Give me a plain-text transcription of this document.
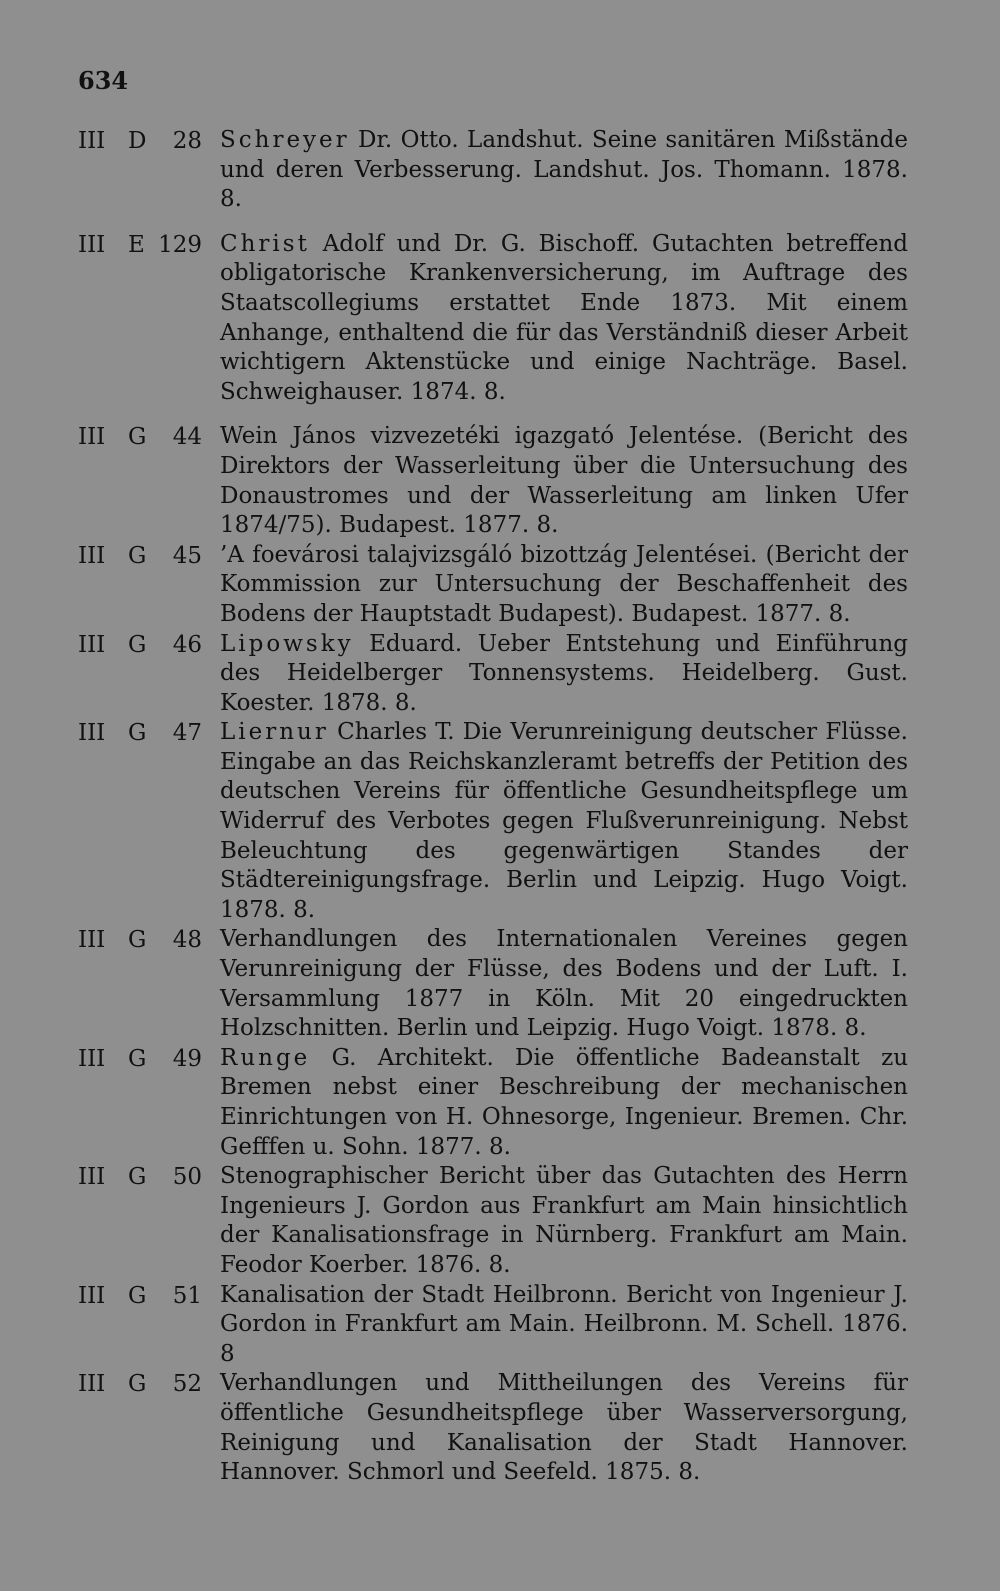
634
III D	28 Schreyer Dr. Otto. Landshut. Seine sanitären Mißstände und deren Verbesserung. Landshut. Jos. Thomann. 1878. 8.
III E 129 Christ Adolf und Dr. G. Bischoff. Gutachten betreffend obligatorische Krankenversicherung, im Auftrage des Staatscollegiums erstattet Ende 1873. Mit einem Anhange, enthaltend die für das Verständniß dieser Arbeit wichtigern Aktenstücke und einige Nachträge. Basel. Schweighauser. 1874. 8.
III G	44 Wein János vizvezetéki igazgató Jelentése. (Bericht des Direktors der Wasserleitung über die Untersuchung des Donaustromes und der Wasserleitung am linken Ufer 1874/75). Budapest. 1877. 8.
III G	45 ’A foevárosi talajvizsgáló bizottzág Jelentései. (Bericht der Kommission zur Untersuchung der Beschaffenheit des Bodens der Hauptstadt Budapest). Budapest. 1877. 8.
III G	46 Lipowsky Eduard. Ueber Entstehung und Einführung des Heidelberger Tonnensystems. Heidelberg. Gust. Koester. 1878. 8.
III G	47 Liernur Charles T. Die Verunreinigung deutscher Flüsse. Eingabe an das Reichskanzleramt betreffs der Petition des deutschen Vereins für öffentliche Gesundheitspflege um Widerruf des Verbotes gegen Flußverunreinigung. Nebst Beleuchtung des gegenwärtigen Standes der Städtereinigungsfrage. Berlin und Leipzig. Hugo Voigt. 1878. 8.
III G	48 Verhandlungen des Internationalen Vereines gegen Verunreinigung der Flüsse, des Bodens und der Luft. I. Versammlung 1877 in Köln. Mit 20 eingedruckten Holzschnitten. Berlin und Leipzig. Hugo Voigt. 1878. 8.
III G	49 Runge G. Architekt. Die öffentliche Badeanstalt zu Bremen nebst einer Beschreibung der mechanischen Einrichtungen von H. Ohnesorge, Ingenieur. Bremen. Chr. Gefffen u. Sohn. 1877. 8.
III G	50 Stenographischer Bericht über das Gutachten des Herrn Ingenieurs J. Gordon aus Frankfurt am Main hinsichtlich der Kanalisationsfrage in Nürnberg. Frankfurt am Main. Feodor Koerber. 1876. 8.
III G	51 Kanalisation der Stadt Heilbronn. Bericht von Ingenieur J. Gordon in Frankfurt am Main. Heilbronn. M. Schell. 1876. 8
III G	52 Verhandlungen und Mittheilungen des Vereins für öffentliche Gesundheitspflege über Wasserversorgung, Reinigung und Kanalisation der Stadt Hannover. Hannover. Schmorl und Seefeld. 1875. 8.
